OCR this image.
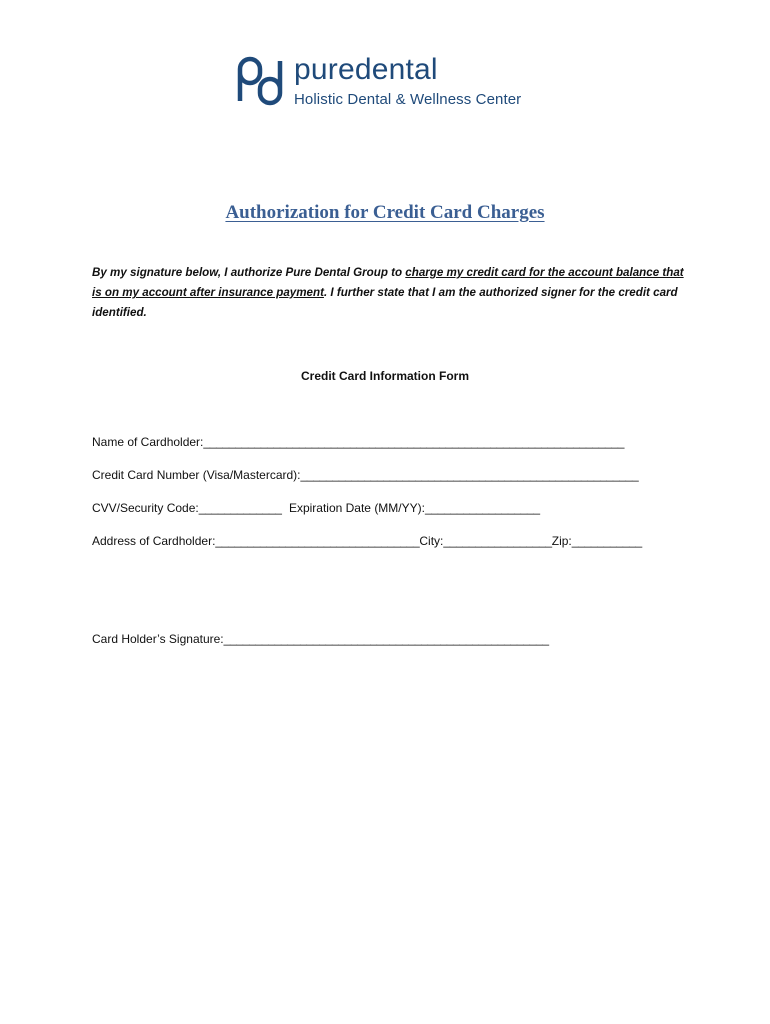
puredental
Holistic Dental & Wellness Center
Authorization for Credit Card Charges
By my signature below, I authorize Pure Dental Group to charge my credit card for the account balance that is on my account after insurance payment. I further state that I am the authorized signer for the credit card identified.
Credit Card Information Form
Name of Cardholder:__________________________________________________________________
Credit Card Number (Visa/Mastercard):_____________________________________________________
CVV/Security Code:_____________ Expiration Date (MM/YY):__________________
Address of Cardholder:________________________________City:_________________Zip:___________
Card Holder’s Signature:___________________________________________________
